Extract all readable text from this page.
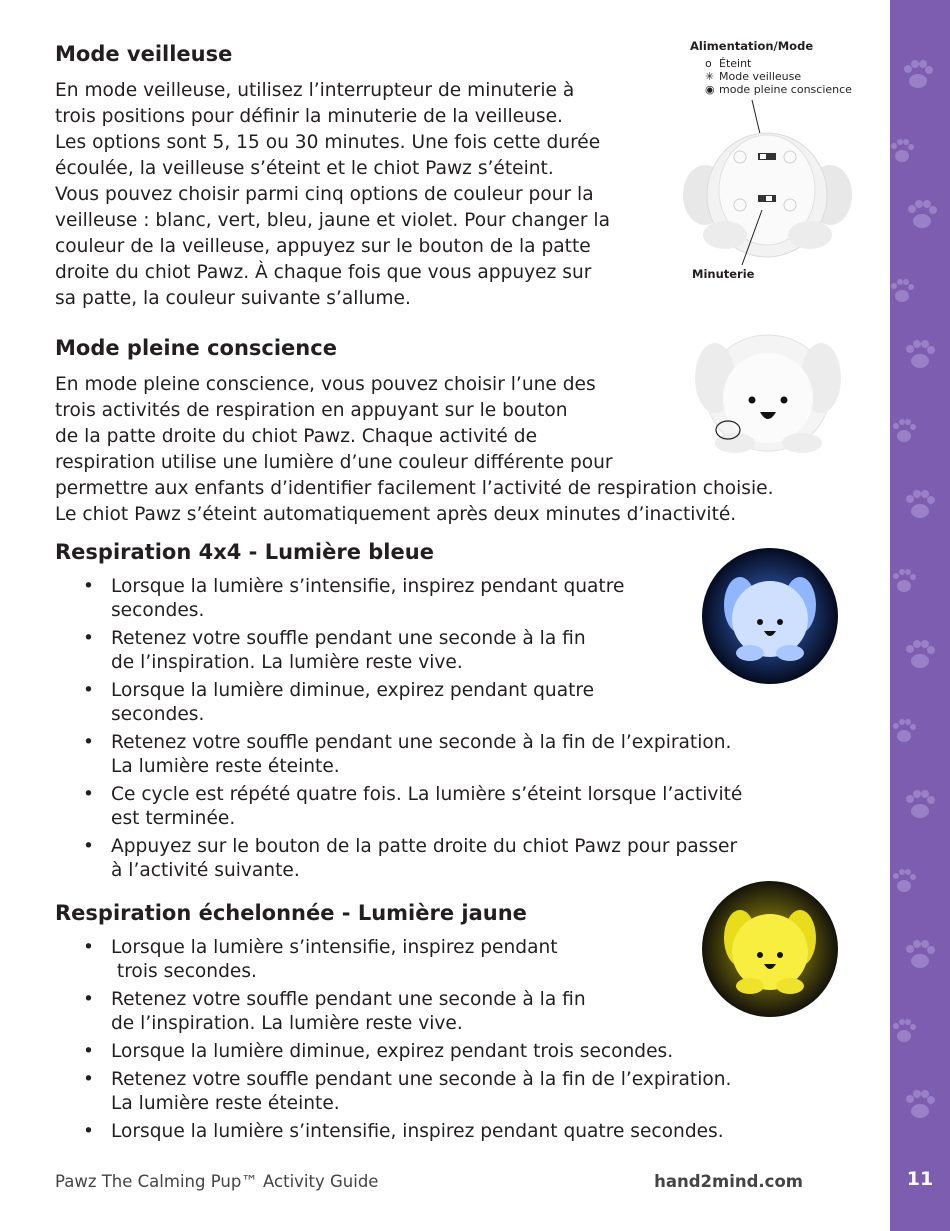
Mode veilleuse
En mode veilleuse, utilisez l’interrupteur de minuterie à
trois positions pour définir la minuterie de la veilleuse.
Les options sont 5, 15 ou 30 minutes. Une fois cette durée
écoulée, la veilleuse s’éteint et le chiot Pawz s’éteint.
Vous pouvez choisir parmi cinq options de couleur pour la
veilleuse : blanc, vert, bleu, jaune et violet. Pour changer la
couleur de la veilleuse, appuyez sur le bouton de la patte
droite du chiot Pawz. À chaque fois que vous appuyez sur
sa patte, la couleur suivante s’allume.
Alimentation/Mode
o Éteint
✳ Mode veilleuse
◉ mode pleine conscience
Minuterie
Mode pleine conscience
En mode pleine conscience, vous pouvez choisir l’une des
trois activités de respiration en appuyant sur le bouton
de la patte droite du chiot Pawz. Chaque activité de
respiration utilise une lumière d’une couleur différente pour
permettre aux enfants d’identifier facilement l’activité de respiration choisie.
Le chiot Pawz s’éteint automatiquement après deux minutes d’inactivité.
Respiration 4x4 - Lumière bleue
• Lorsque la lumière s’intensifie, inspirez pendant quatre
secondes.
• Retenez votre souffle pendant une seconde à la fin
de l’inspiration. La lumière reste vive.
• Lorsque la lumière diminue, expirez pendant quatre
secondes.
• Retenez votre souffle pendant une seconde à la fin de l’expiration.
La lumière reste éteinte.
• Ce cycle est répété quatre fois. La lumière s’éteint lorsque l’activité
est terminée.
• Appuyez sur le bouton de la patte droite du chiot Pawz pour passer
à l’activité suivante.
Respiration échelonnée - Lumière jaune
• Lorsque la lumière s’intensifie, inspirez pendant
trois secondes.
• Retenez votre souffle pendant une seconde à la fin
de l’inspiration. La lumière reste vive.
• Lorsque la lumière diminue, expirez pendant trois secondes.
• Retenez votre souffle pendant une seconde à la fin de l’expiration.
La lumière reste éteinte.
• Lorsque la lumière s’intensifie, inspirez pendant quatre secondes.
Pawz The Calming Pup™ Activity Guide	hand2mind.com	11
